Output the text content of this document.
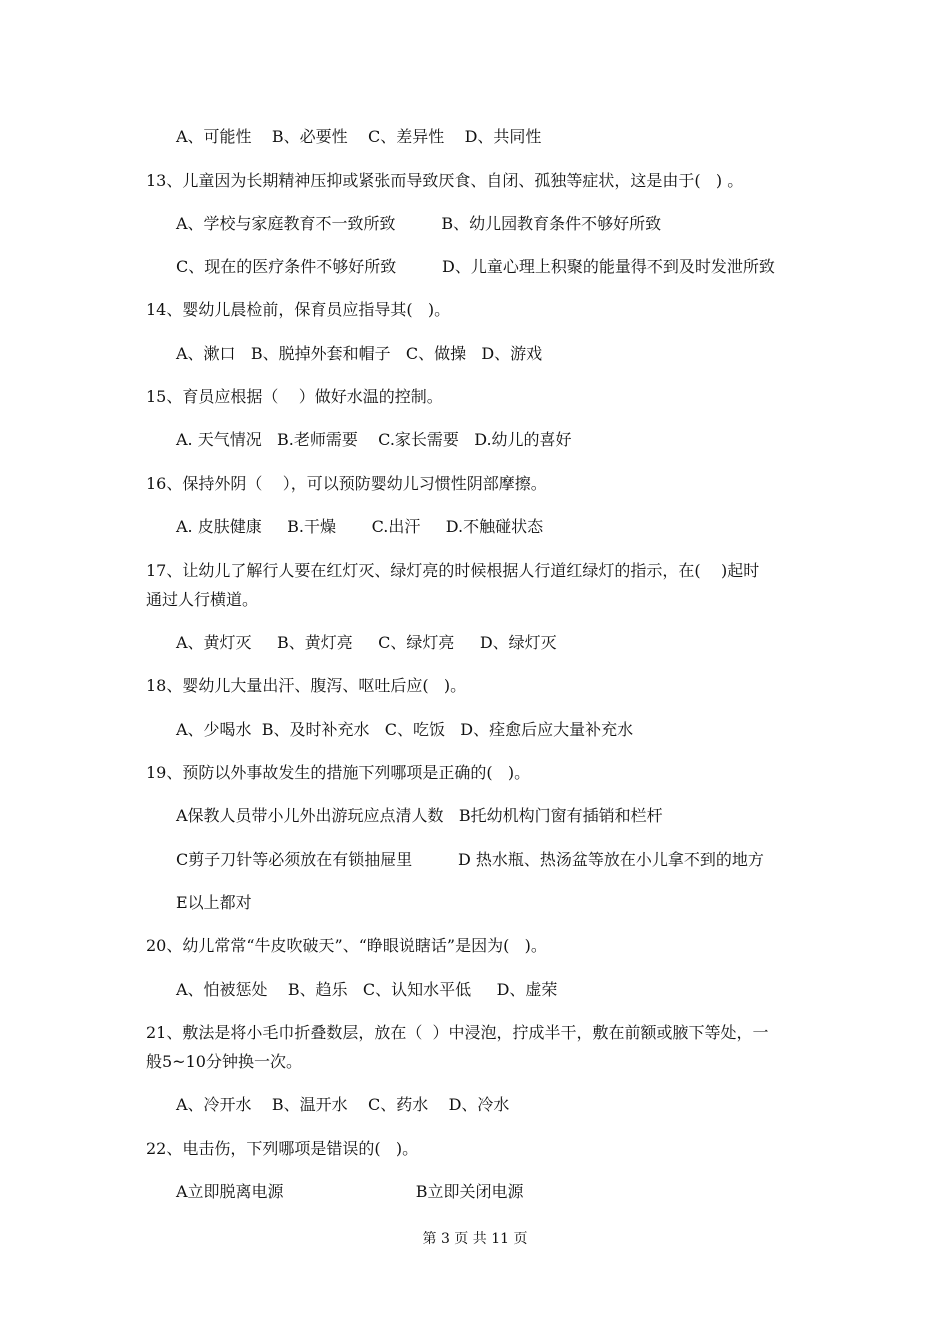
A、可能性    B、必要性    C、差异性    D、共同性
13、儿童因为长期精神压抑或紧张而导致厌食、自闭、孤独等症状，这是由于(   ) 。
A、学校与家庭教育不一致所致         B、幼儿园教育条件不够好所致
C、现在的医疗条件不够好所致         D、儿童心理上积聚的能量得不到及时发泄所致
14、婴幼儿晨检前，保育员应指导其(   )。
A、漱口   B、脱掉外套和帽子   C、做操   D、游戏
15、育员应根据（    ）做好水温的控制。
A. 天气情况   B.老师需要    C.家长需要   D.幼儿的喜好
16、保持外阴（    ），可以预防婴幼儿习惯性阴部摩擦。
A. 皮肤健康     B.干燥       C.出汗     D.不触碰状态
17、让幼儿了解行人要在红灯灭、绿灯亮的时候根据人行道红绿灯的指示，在(    )起时
通过人行横道。
A、黄灯灭     B、黄灯亮     C、绿灯亮     D、绿灯灭
18、婴幼儿大量出汗、腹泻、呕吐后应(   )。
A、少喝水  B、及时补充水   C、吃饭   D、痊愈后应大量补充水
19、预防以外事故发生的措施下列哪项是正确的(   )。
A保教人员带小儿外出游玩应点清人数   B托幼机构门窗有插销和栏杆
C剪子刀针等必须放在有锁抽屉里         D 热水瓶、热汤盆等放在小儿拿不到的地方
E以上都对
20、幼儿常常“牛皮吹破天”、“睁眼说瞎话”是因为(   )。
A、怕被惩处    B、趋乐   C、认知水平低     D、虚荣
21、敷法是将小毛巾折叠数层，放在（  ）中浸泡，拧成半干，敷在前额或腋下等处，一
般5~10分钟换一次。
A、冷开水    B、温开水    C、药水    D、冷水
22、电击伤，下列哪项是错误的(   )。
A立即脱离电源                          B立即关闭电源
第 3 页 共 11 页
